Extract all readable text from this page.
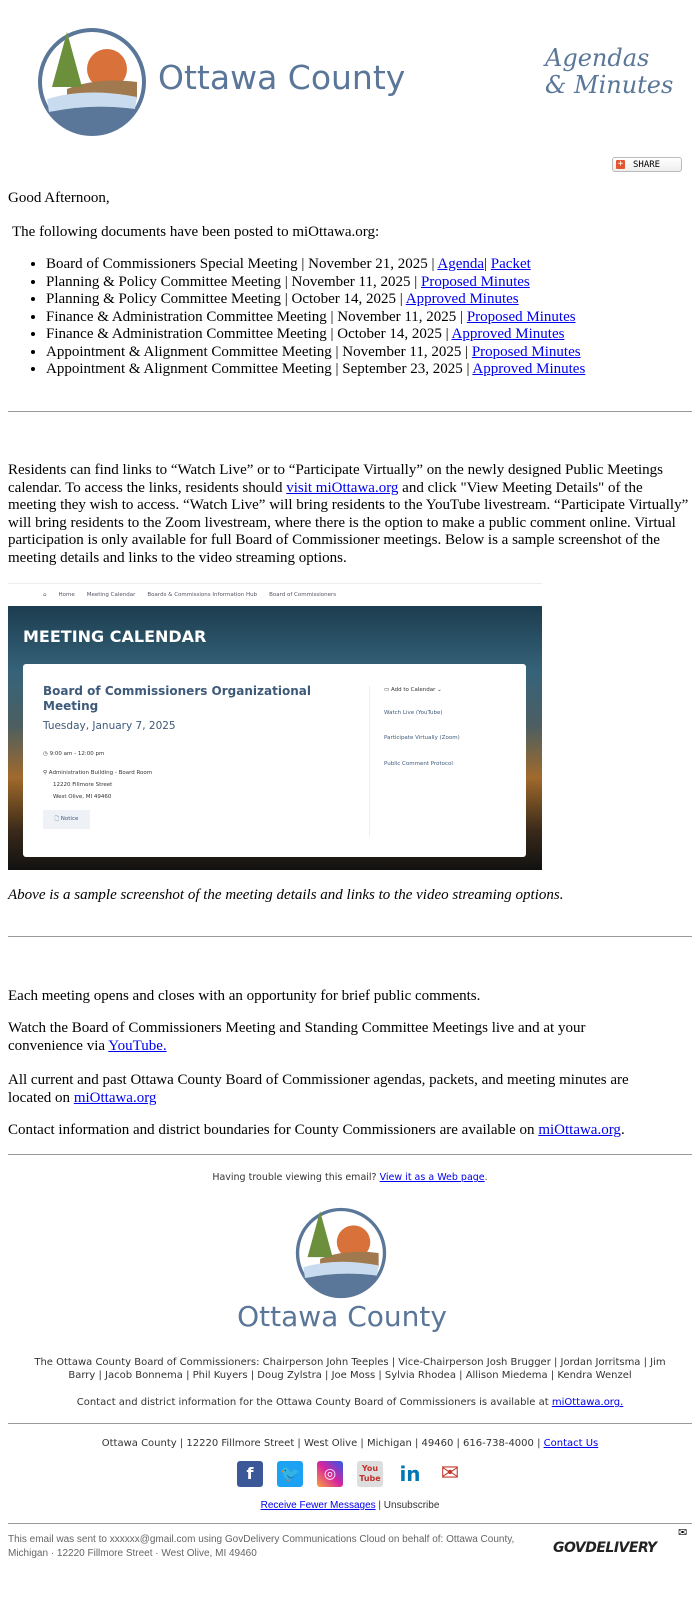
Ottawa County	Agendas
& Minutes
+ SHARE
Good Afternoon,
The following documents have been posted to miOttawa.org:
• Board of Commissioners Special Meeting | November 21, 2025 | Agenda| Packet
• Planning & Policy Committee Meeting | November 11, 2025 | Proposed Minutes
• Planning & Policy Committee Meeting | October 14, 2025 | Approved Minutes
• Finance & Administration Committee Meeting | November 11, 2025 | Proposed Minutes
• Finance & Administration Committee Meeting | October 14, 2025 | Approved Minutes
• Appointment & Alignment Committee Meeting | November 11, 2025 | Proposed Minutes
• Appointment & Alignment Committee Meeting | September 23, 2025 | Approved Minutes
Residents can find links to “Watch Live” or to “Participate Virtually” on the newly designed Public Meetings calendar. To access the links, residents should visit miOttawa.org and click "View Meeting Details" of the meeting they wish to access. “Watch Live” will bring residents to the YouTube livestream. “Participate Virtually” will bring residents to the Zoom livestream, where there is the option to make a public comment online. Virtual participation is only available for full Board of Commissioner meetings. Below is a sample screenshot of the meeting details and links to the video streaming options.
⌂ Home Meeting Calendar Boards & Commissions Information Hub Board of Commissioners
MEETING CALENDAR
Board of Commissioners Organizational Meeting
Tuesday, January 7, 2025
◷ 9:00 am - 12:00 pm
⚲ Administration Building - Board Room
12220 Fillmore Street
West Olive, MI 49460
🗋 Notice
▭ Add to Calendar ⌄
Watch Live (YouTube)
Participate Virtually (Zoom)
Public Comment Protocol
Above is a sample screenshot of the meeting details and links to the video streaming options.
Each meeting opens and closes with an opportunity for brief public comments.
Watch the Board of Commissioners Meeting and Standing Committee Meetings live and at your convenience via YouTube.
All current and past Ottawa County Board of Commissioner agendas, packets, and meeting minutes are located on miOttawa.org
Contact information and district boundaries for County Commissioners are available on miOttawa.org.
Having trouble viewing this email? View it as a Web page.
Ottawa County
The Ottawa County Board of Commissioners: Chairperson John Teeples | Vice-Chairperson Josh Brugger | Jordan Jorritsma | Jim Barry | Jacob Bonnema | Phil Kuyers | Doug Zylstra | Joe Moss | Sylvia Rhodea | Allison Miedema | Kendra Wenzel
Contact and district information for the Ottawa County Board of Commissioners is available at miOttawa.org.
Ottawa County | 12220 Fillmore Street | West Olive | Michigan | 49460 | 616-738-4000 | Contact Us
f 🐦 ◎	You
Tube in ✉
Receive Fewer Messages | Unsubscribe
This email was sent to xxxxxx@gmail.com using GovDelivery Communications Cloud on behalf of: Ottawa County, Michigan · 12220 Fillmore Street · West Olive, MI 49460	GOVDELIVERY
✉
